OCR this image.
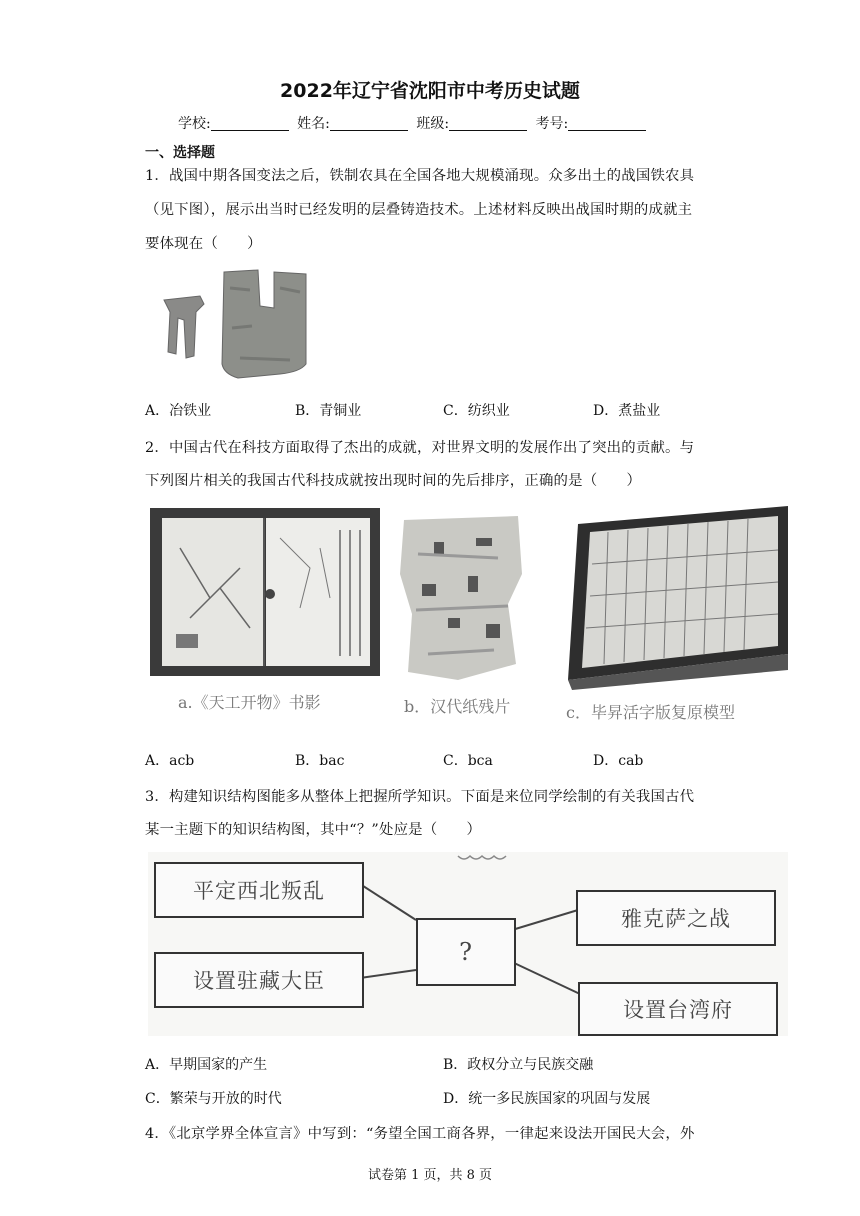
2022年辽宁省沈阳市中考历史试题
学校:	姓名:	班级:	考号:
一、选择题
1．战国中期各国变法之后，铁制农具在全国各地大规模涌现。众多出土的战国铁农具
（见下图），展示出当时已经发明的层叠铸造技术。上述材料反映出战国时期的成就主
要体现在（　　）
A．冶铁业	B．青铜业	C．纺织业	D．煮盐业
2．中国古代在科技方面取得了杰出的成就，对世界文明的发展作出了突出的贡献。与
下列图片相关的我国古代科技成就按出现时间的先后排序，正确的是（　　）
a.《天工开物》书影	b．汉代纸残片	c．毕昇活字版复原模型
A．acb	B．bac	C．bca	D．cab
3．构建知识结构图能多从整体上把握所学知识。下面是来位同学绘制的有关我国古代
某一主题下的知识结构图，其中“？”处应是（　　）
平定西北叛乱
设置驻藏大臣
?
雅克萨之战
设置台湾府
A．早期国家的产生	B．政权分立与民族交融
C．繁荣与开放的时代	D．统一多民族国家的巩固与发展
4．《北京学界全体宣言》中写到：“务望全国工商各界，一律起来设法开国民大会，外
试卷第 1 页，共 8 页
